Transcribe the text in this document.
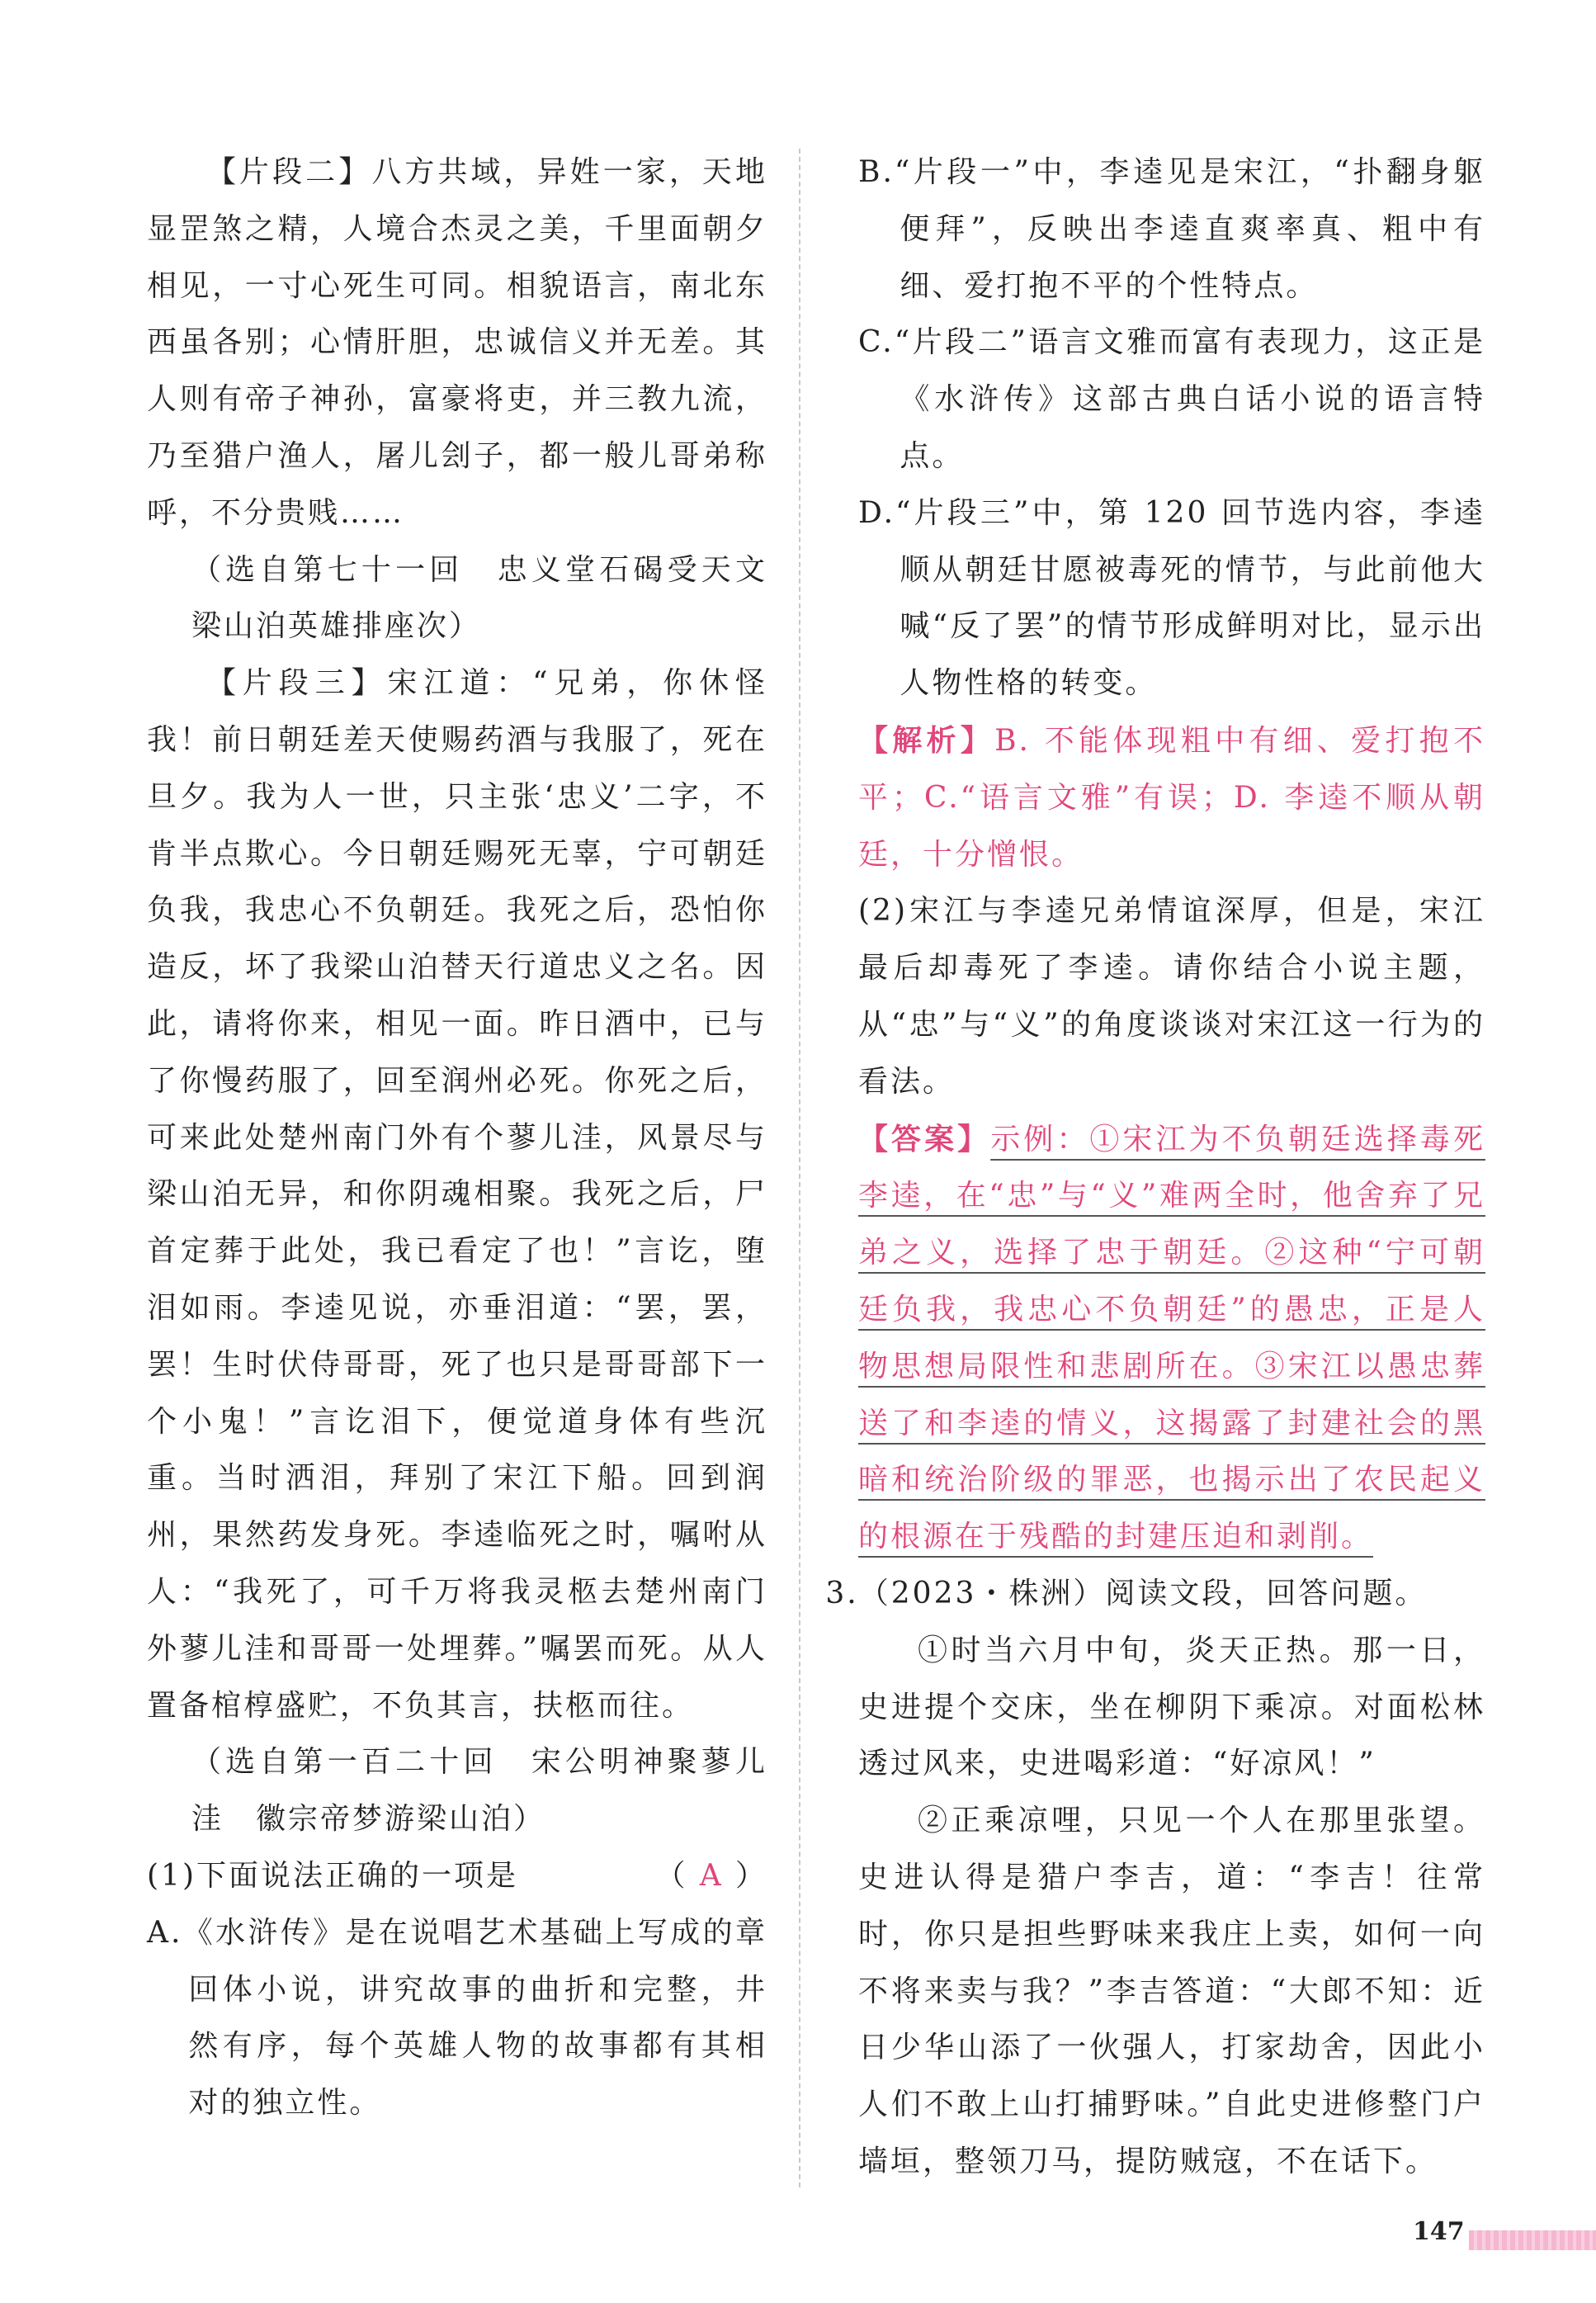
【片段二】八方共域，异姓一家，天地显罡煞之精，人境合杰灵之美，千里面朝夕相见，一寸心死生可同。相貌语言，南北东西虽各别；心情肝胆，忠诚信义并无差。其人则有帝子神孙，富豪将吏，并三教九流，乃至猎户渔人，屠儿刽子，都一般儿哥弟称呼，不分贵贱……

（选自第七十一回　忠义堂石碣受天文　梁山泊英雄排座次）

【片段三】宋江道：“兄弟，你休怪我！前日朝廷差天使赐药酒与我服了，死在旦夕。我为人一世，只主张‘忠义’二字，不肯半点欺心。今日朝廷赐死无辜，宁可朝廷负我，我忠心不负朝廷。我死之后，恐怕你造反，坏了我梁山泊替天行道忠义之名。因此，请将你来，相见一面。昨日酒中，已与了你慢药服了，回至润州必死。你死之后，可来此处楚州南门外有个蓼儿洼，风景尽与梁山泊无异，和你阴魂相聚。我死之后，尸首定葬于此处，我已看定了也！”言讫，堕泪如雨。李逵见说，亦垂泪道：“罢，罢，罢！生时伏侍哥哥，死了也只是哥哥部下一个小鬼！”言讫泪下，便觉道身体有些沉重。当时洒泪，拜别了宋江下船。回到润州，果然药发身死。李逵临死之时，嘱咐从人：“我死了，可千万将我灵柩去楚州南门外蓼儿洼和哥哥一处埋葬。”嘱罢而死。从人置备棺椁盛贮，不负其言，扶柩而往。

（选自第一百二十回　宋公明神聚蓼儿洼　徽宗帝梦游梁山泊）

(1)下面说法正确的一项是	（ A ）

A.《水浒传》是在说唱艺术基础上写成的章回体小说，讲究故事的曲折和完整，井然有序，每个英雄人物的故事都有其相对的独立性。

B.“片段一”中，李逵见是宋江，“扑翻身躯便拜”，反映出李逵直爽率真、粗中有细、爱打抱不平的个性特点。

C.“片段二”语言文雅而富有表现力，这正是《水浒传》这部古典白话小说的语言特点。

D.“片段三”中，第 120 回节选内容，李逵顺从朝廷甘愿被毒死的情节，与此前他大喊“反了罢”的情节形成鲜明对比，显示出人物性格的转变。

【解析】B. 不能体现粗中有细、爱打抱不平；C.“语言文雅”有误；D. 李逵不顺从朝廷，十分憎恨。

(2)宋江与李逵兄弟情谊深厚，但是，宋江最后却毒死了李逵。请你结合小说主题，从“忠”与“义”的角度谈谈对宋江这一行为的看法。

【答案】示例：①宋江为不负朝廷选择毒死李逵，在“忠”与“义”难两全时，他舍弃了兄弟之义，选择了忠于朝廷。②这种“宁可朝廷负我，我忠心不负朝廷”的愚忠，正是人物思想局限性和悲剧所在。③宋江以愚忠葬送了和李逵的情义，这揭露了封建社会的黑暗和统治阶级的罪恶，也揭示出了农民起义的根源在于残酷的封建压迫和剥削。

3.（2023・株洲）阅读文段，回答问题。

①时当六月中旬，炎天正热。那一日，史进提个交床，坐在柳阴下乘凉。对面松林透过风来，史进喝彩道：“好凉风！”

②正乘凉哩，只见一个人在那里张望。史进认得是猎户李吉，道：“李吉！往常时，你只是担些野味来我庄上卖，如何一向不将来卖与我？”李吉答道：“大郎不知：近日少华山添了一伙强人，打家劫舍，因此小人们不敢上山打捕野味。”自此史进修整门户墙垣，整领刀马，提防贼寇，不在话下。

147
